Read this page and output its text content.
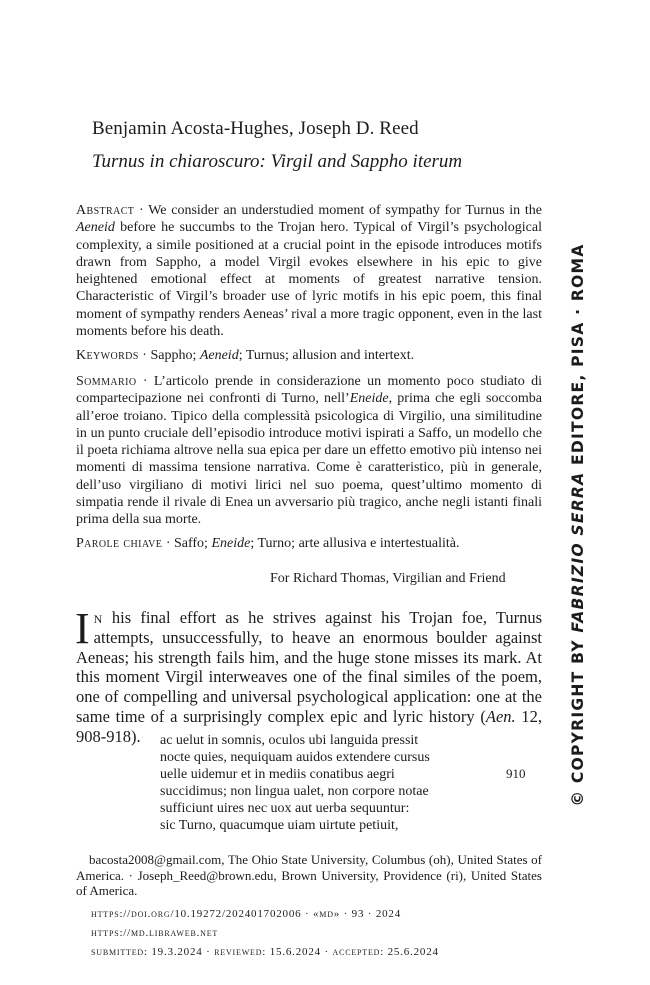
Benjamin Acosta-Hughes, Joseph D. Reed
Turnus in chiaroscuro: Virgil and Sappho iterum

Abstract · We consider an understudied moment of sympathy for Turnus in the Aeneid before he succumbs to the Trojan hero. Typical of Virgil’s psychological complexity, a simile positioned at a crucial point in the episode introduces motifs drawn from Sappho, a model Virgil evokes elsewhere in his epic to give heightened emotional effect at moments of greatest narrative tension. Characteristic of Virgil’s broader use of lyric motifs in his epic poem, this final moment of sympathy renders Aeneas’ rival a more tragic opponent, even in the last moments before his death.

Keywords · Sappho; Aeneid; Turnus; allusion and intertext.

Sommario · L’articolo prende in considerazione un momento poco studiato di compartecipazione nei confronti di Turno, nell’Eneide, prima che egli soccomba all’eroe troiano. Tipico della complessità psicologica di Virgilio, una similitudine in un punto cruciale dell’episodio introduce motivi ispirati a Saffo, un modello che il poeta richiama altrove nella sua epica per dare un effetto emotivo più intenso nei momenti di massima tensione narrativa. Come è caratteristico, più in generale, dell’uso virgiliano di motivi lirici nel suo poema, quest’ultimo momento di simpatia rende il rivale di Enea un avversario più tragico, anche negli istanti finali prima della sua morte.

Parole chiave · Saffo; Eneide; Turno; arte allusiva e intertestualità.
For Richard Thomas, Virgilian and Friend
In his final effort as he strives against his Trojan foe, Turnus attempts, unsuccessfully, to heave an enormous boulder against Aeneas; his strength fails him, and the huge stone misses its mark. At this moment Virgil interweaves one of the final similes of the poem, one of compelling and universal psychological application: one at the same time of a surprisingly complex epic and lyric history (Aen. 12, 908-918).	ac uelut in somnis, oculos ubi languida pressit
nocte quies, nequiquam auidos extendere cursus
uelle uidemur et in mediis conatibus aegri
succidimus; non lingua ualet, non corpore notae
sufficiunt uires nec uox aut uerba sequuntur:
sic Turno, quacumque uiam uirtute petiuit,
910
bacosta2008@gmail.com, The Ohio State University, Columbus (oh), United States of America. · Joseph_Reed@brown.edu, Brown University, Providence (ri), United States of America.
https://doi.org/10.19272/202401702006 · «md» · 93 · 2024
https://md.libraweb.net
submitted: 19.3.2024 · reviewed: 15.6.2024 · accepted: 25.6.2024
© COPYRIGHT BY FABRIZIO SERRA EDITORE, PISA · ROMA
